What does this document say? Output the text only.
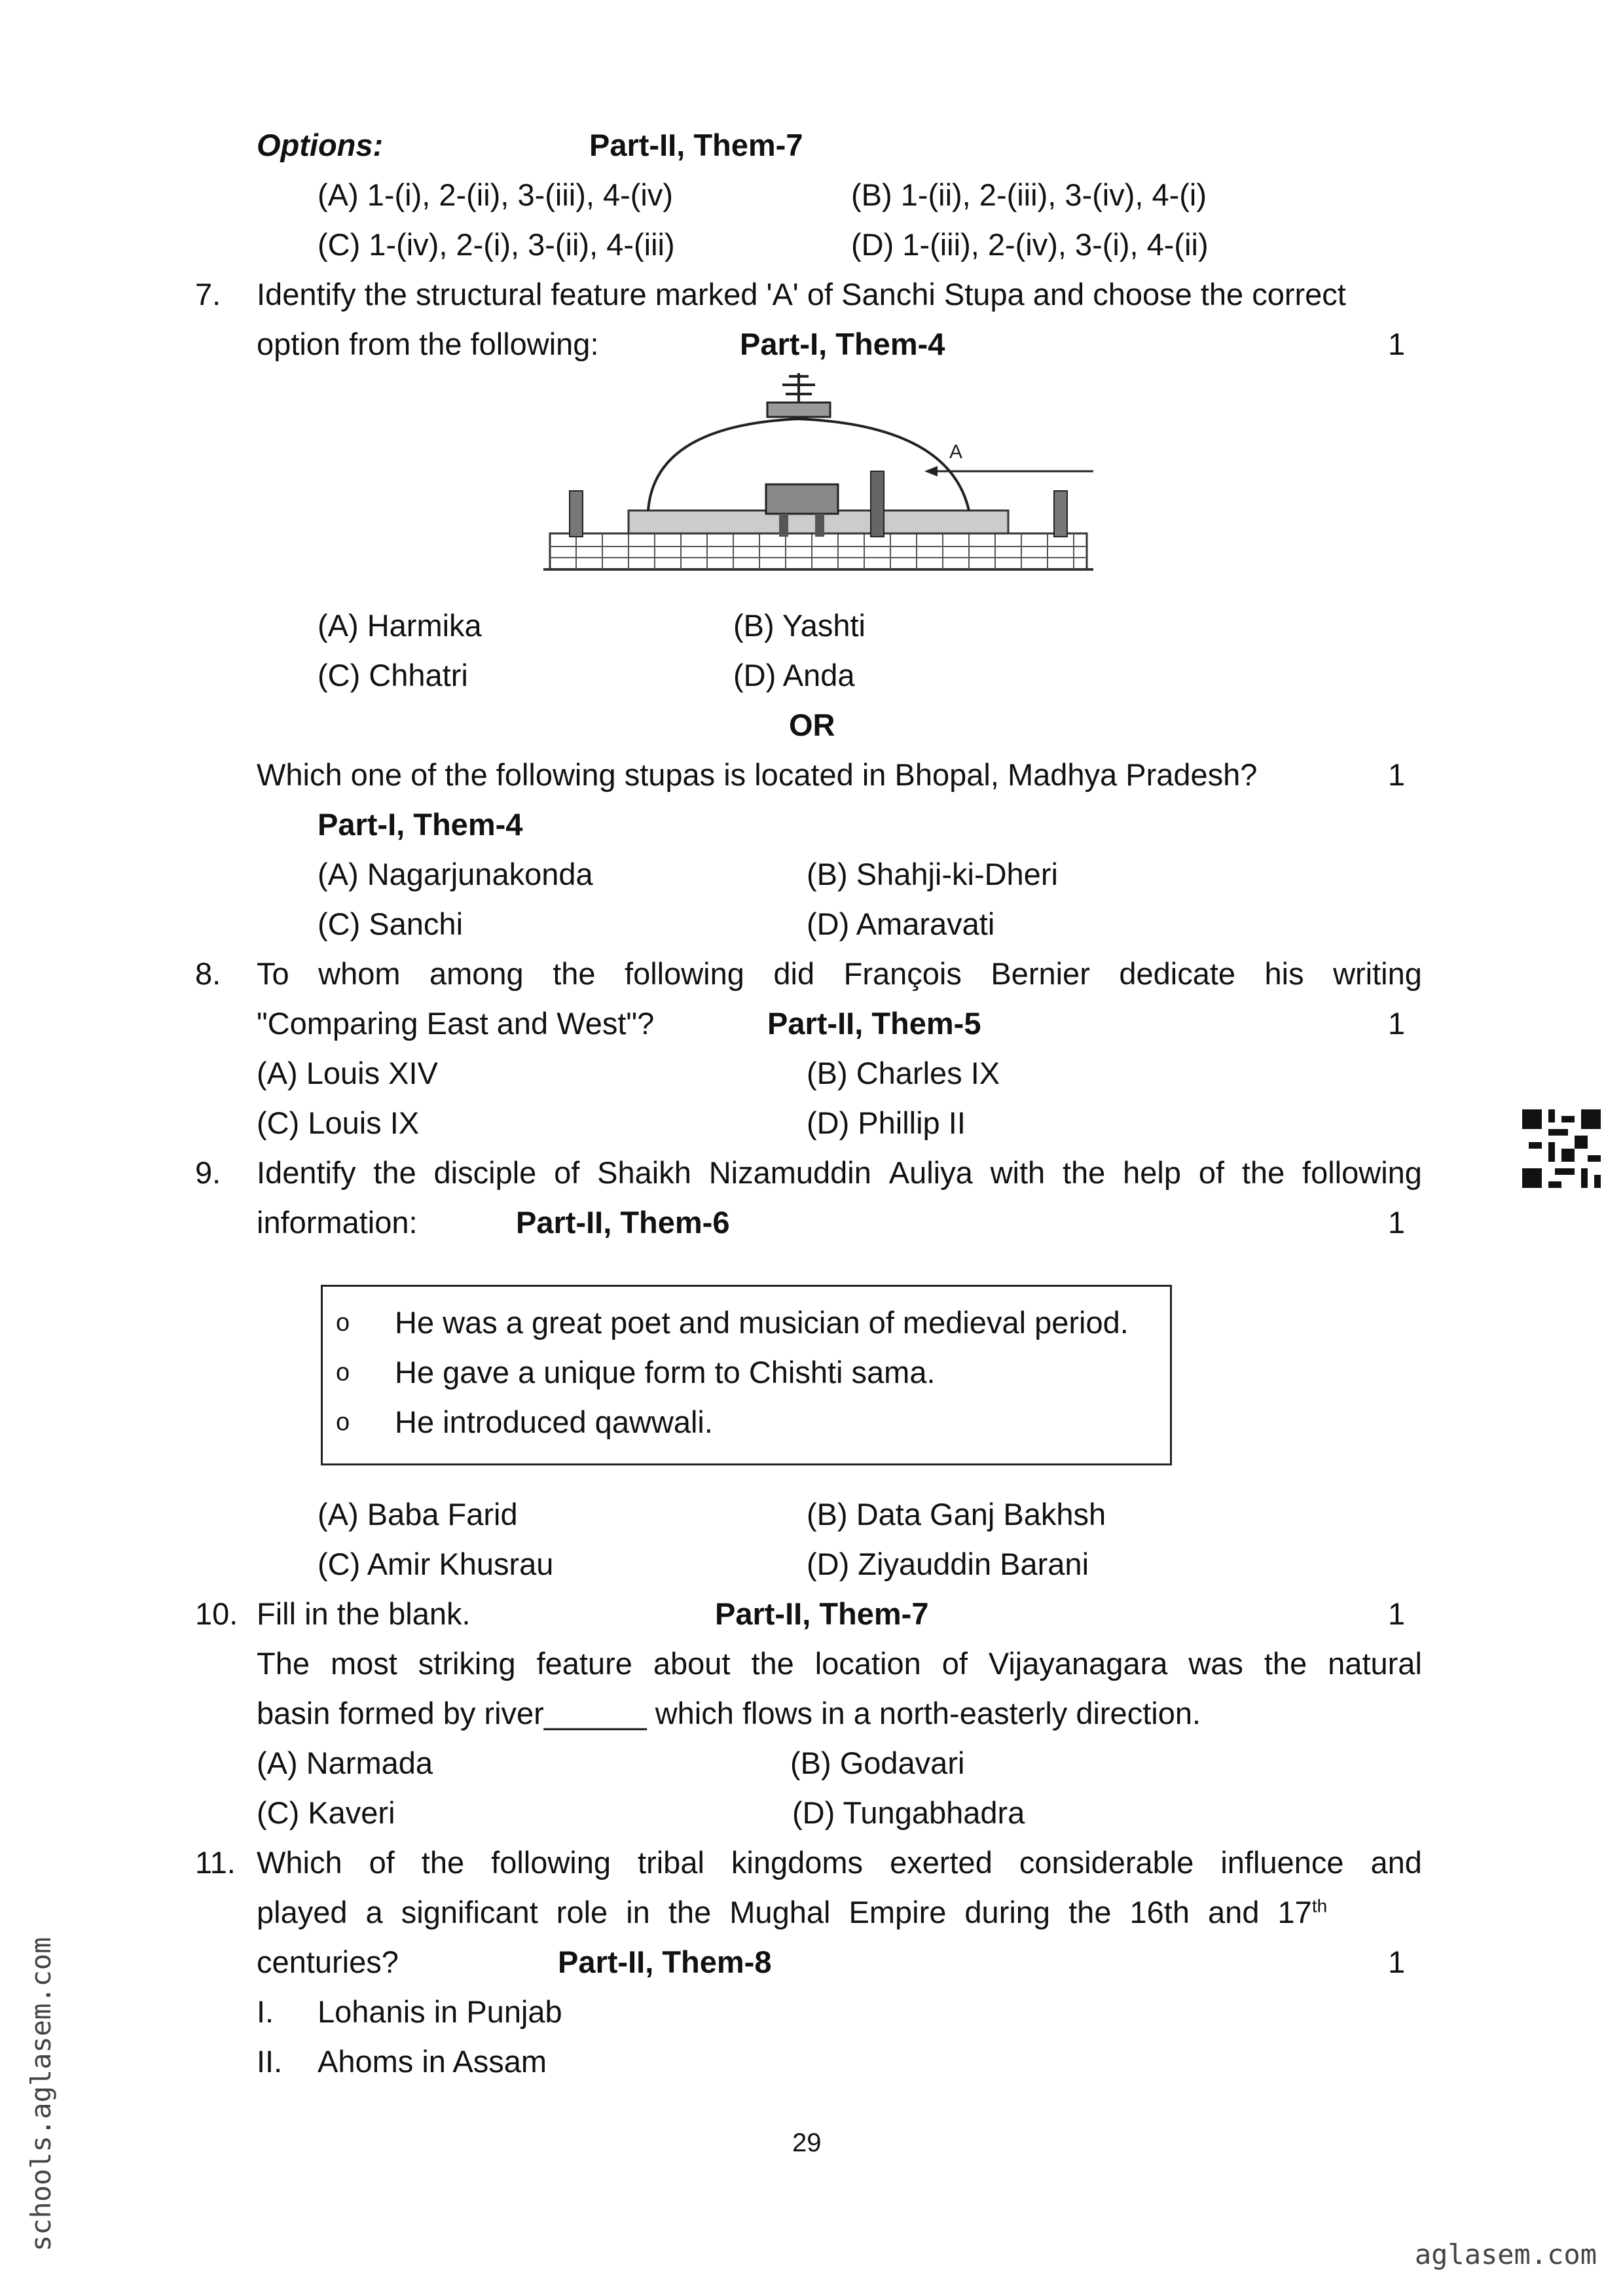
Options:	Part-II, Them-7
(A) 1-(i), 2-(ii), 3-(iii), 4-(iv)	(B) 1-(ii), 2-(iii), 3-(iv), 4-(i)
(C) 1-(iv), 2-(i), 3-(ii), 4-(iii)	(D) 1-(iii), 2-(iv), 3-(i), 4-(ii)
7. Identify the structural feature marked 'A' of Sanchi Stupa and choose the correct
option from the following:	Part-I, Them-4	1
A
(A) Harmika	(B) Yashti
(C) Chhatri	(D) Anda
OR
Which one of the following stupas is located in Bhopal, Madhya Pradesh?	1
Part-I, Them-4
(A) Nagarjunakonda	(B) Shahji-ki-Dheri
(C) Sanchi	(D) Amaravati
8. To whom among the following did François Bernier dedicate his writing
"Comparing East and West"?	Part-II, Them-5	1
(A) Louis XIV	(B) Charles IX
(C) Louis IX	(D) Phillip II
9. Identify the disciple of Shaikh Nizamuddin Auliya with the help of the following
information:	Part-II, Them-6	1
o He was a great poet and musician of medieval period.
o He gave a unique form to Chishti sama.
o He introduced qawwali.
(A) Baba Farid	(B) Data Ganj Bakhsh
(C) Amir Khusrau	(D) Ziyauddin Barani
10. Fill in the blank.	Part-II, Them-7	1
The most striking feature about the location of Vijayanagara was the natural
basin formed by river______ which flows in a north-easterly direction.
(A) Narmada	(B) Godavari
(C) Kaveri	(D) Tungabhadra
11. Which of the following tribal kingdoms exerted considerable influence and
played a significant role in the Mughal Empire during the 16th and 17th
centuries?	Part-II, Them-8	1
I. Lohanis in Punjab
II. Ahoms in Assam
29
schools.aglasem.com
aglasem.com
